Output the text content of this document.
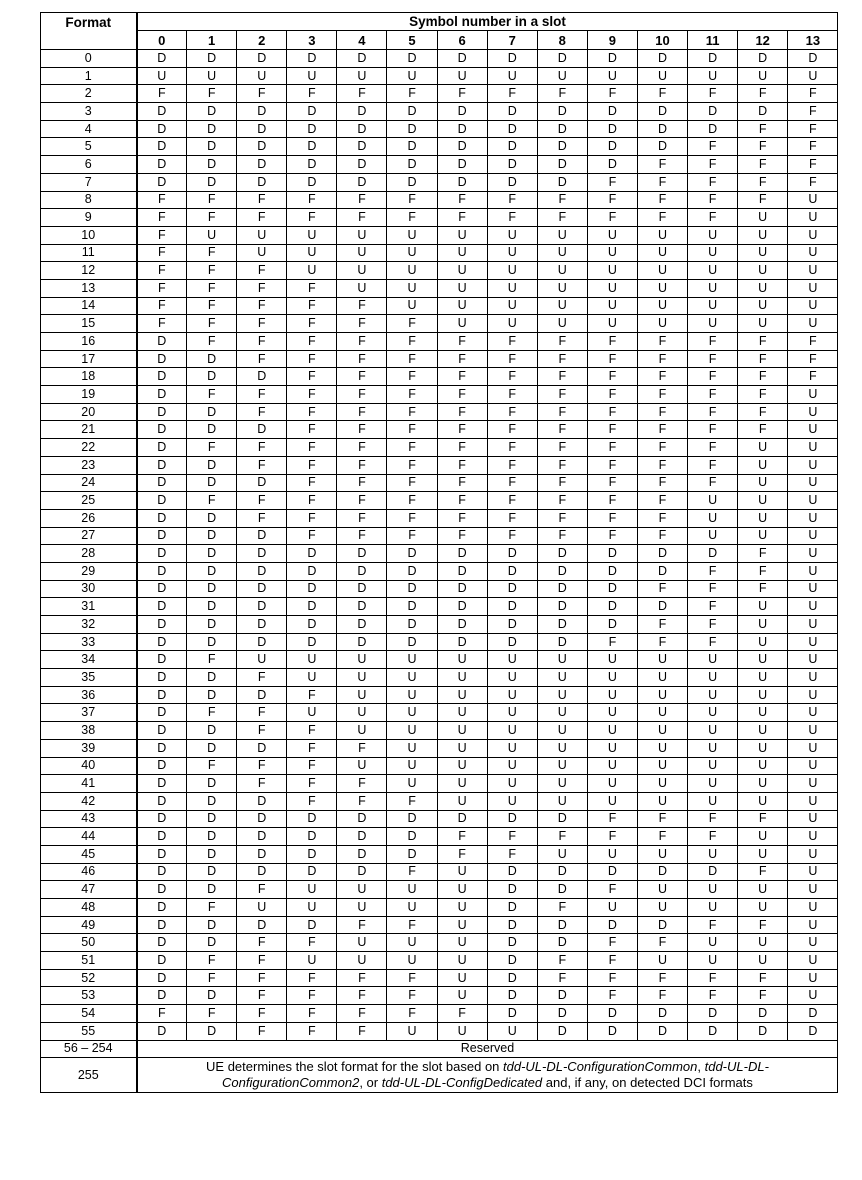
Format	Symbol number in a slot													
	0	1	2	3	4	5	6	7	8	9	10	11	12	13
0	D	D	D	D	D	D	D	D	D	D	D	D	D	D
1	U	U	U	U	U	U	U	U	U	U	U	U	U	U
2	F	F	F	F	F	F	F	F	F	F	F	F	F	F
3	D	D	D	D	D	D	D	D	D	D	D	D	D	F
4	D	D	D	D	D	D	D	D	D	D	D	D	F	F
5	D	D	D	D	D	D	D	D	D	D	D	F	F	F
6	D	D	D	D	D	D	D	D	D	D	F	F	F	F
7	D	D	D	D	D	D	D	D	D	F	F	F	F	F
8	F	F	F	F	F	F	F	F	F	F	F	F	F	U
9	F	F	F	F	F	F	F	F	F	F	F	F	U	U
10	F	U	U	U	U	U	U	U	U	U	U	U	U	U
11	F	F	U	U	U	U	U	U	U	U	U	U	U	U
12	F	F	F	U	U	U	U	U	U	U	U	U	U	U
13	F	F	F	F	U	U	U	U	U	U	U	U	U	U
14	F	F	F	F	F	U	U	U	U	U	U	U	U	U
15	F	F	F	F	F	F	U	U	U	U	U	U	U	U
16	D	F	F	F	F	F	F	F	F	F	F	F	F	F
17	D	D	F	F	F	F	F	F	F	F	F	F	F	F
18	D	D	D	F	F	F	F	F	F	F	F	F	F	F
19	D	F	F	F	F	F	F	F	F	F	F	F	F	U
20	D	D	F	F	F	F	F	F	F	F	F	F	F	U
21	D	D	D	F	F	F	F	F	F	F	F	F	F	U
22	D	F	F	F	F	F	F	F	F	F	F	F	U	U
23	D	D	F	F	F	F	F	F	F	F	F	F	U	U
24	D	D	D	F	F	F	F	F	F	F	F	F	U	U
25	D	F	F	F	F	F	F	F	F	F	F	U	U	U
26	D	D	F	F	F	F	F	F	F	F	F	U	U	U
27	D	D	D	F	F	F	F	F	F	F	F	U	U	U
28	D	D	D	D	D	D	D	D	D	D	D	D	F	U
29	D	D	D	D	D	D	D	D	D	D	D	F	F	U
30	D	D	D	D	D	D	D	D	D	D	F	F	F	U
31	D	D	D	D	D	D	D	D	D	D	D	F	U	U
32	D	D	D	D	D	D	D	D	D	D	F	F	U	U
33	D	D	D	D	D	D	D	D	D	F	F	F	U	U
34	D	F	U	U	U	U	U	U	U	U	U	U	U	U
35	D	D	F	U	U	U	U	U	U	U	U	U	U	U
36	D	D	D	F	U	U	U	U	U	U	U	U	U	U
37	D	F	F	U	U	U	U	U	U	U	U	U	U	U
38	D	D	F	F	U	U	U	U	U	U	U	U	U	U
39	D	D	D	F	F	U	U	U	U	U	U	U	U	U
40	D	F	F	F	U	U	U	U	U	U	U	U	U	U
41	D	D	F	F	F	U	U	U	U	U	U	U	U	U
42	D	D	D	F	F	F	U	U	U	U	U	U	U	U
43	D	D	D	D	D	D	D	D	D	F	F	F	F	U
44	D	D	D	D	D	D	F	F	F	F	F	F	U	U
45	D	D	D	D	D	D	F	F	U	U	U	U	U	U
46	D	D	D	D	D	F	U	D	D	D	D	D	F	U
47	D	D	F	U	U	U	U	D	D	F	U	U	U	U
48	D	F	U	U	U	U	U	D	F	U	U	U	U	U
49	D	D	D	D	F	F	U	D	D	D	D	F	F	U
50	D	D	F	F	U	U	U	D	D	F	F	U	U	U
51	D	F	F	U	U	U	U	D	F	F	U	U	U	U
52	D	F	F	F	F	F	U	D	F	F	F	F	F	U
53	D	D	F	F	F	F	U	D	D	F	F	F	F	U
54	F	F	F	F	F	F	F	D	D	D	D	D	D	D
55	D	D	F	F	F	U	U	U	D	D	D	D	D	D
56 – 254	Reserved													
255	UE determines the slot format for the slot based on tdd-UL-DL-ConfigurationCommon, tdd-UL-DL-
ConfigurationCommon2, or tdd-UL-DL-ConfigDedicated and, if any, on detected DCI formats													
